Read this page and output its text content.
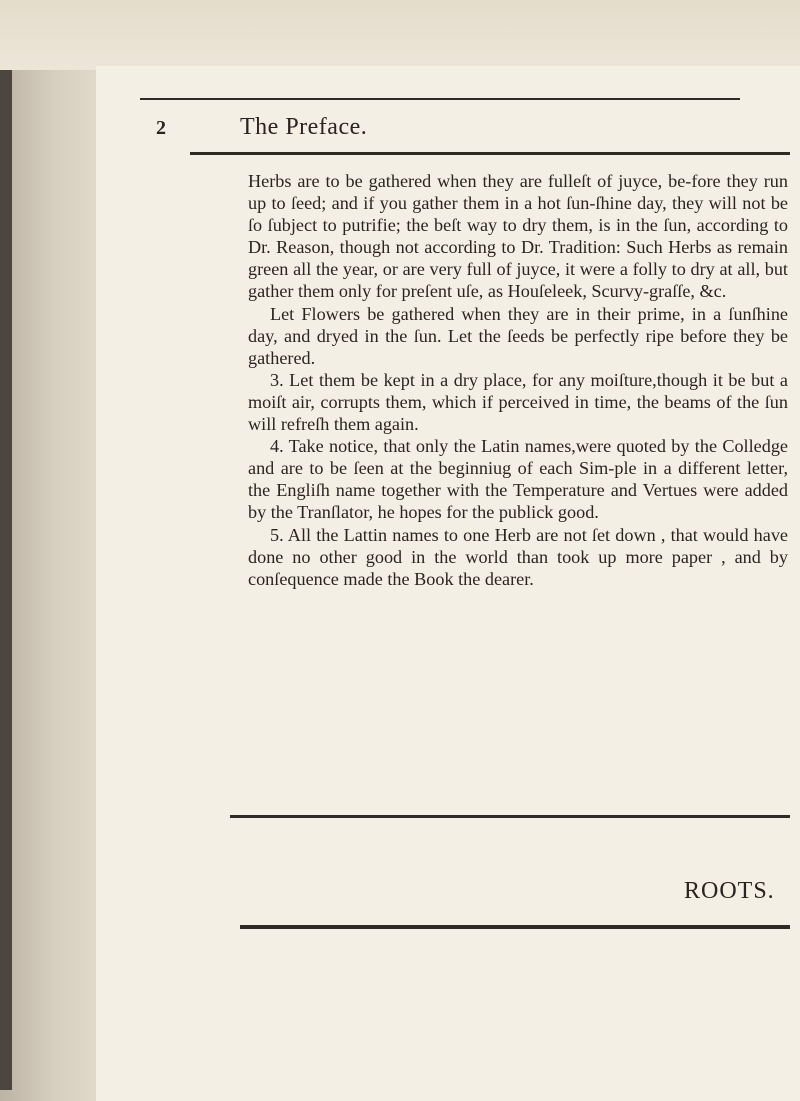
2	The Preface.

Herbs are to be gathered when they are fulleſt of juyce, be-fore they run up to ſeed; and if you gather them in a hot ſun-ſhine day, they will not be ſo ſubject to putrifie; the beſt way to dry them, is in the ſun, according to Dr. Reason, though not according to Dr. Tradition: Such Herbs as remain green all the year, or are very full of juyce, it were a folly to dry at all, but gather them only for preſent uſe, as Houſeleek, Scurvy-graſſe, &c.

Let Flowers be gathered when they are in their prime, in a ſunſhine day, and dryed in the ſun. Let the ſeeds be perfectly ripe before they be gathered.

3. Let them be kept in a dry place, for any moiſture,though it be but a moiſt air, corrupts them, which if perceived in time, the beams of the ſun will refreſh them again.

4. Take notice, that only the Latin names,were quoted by the Colledge and are to be ſeen at the beginniug of each Sim-ple in a different letter, the Engliſh name together with the Temperature and Vertues were added by the Tranſlator, he hopes for the publick good.

5. All the Lattin names to one Herb are not ſet down , that would have done no other good in the world than took up more paper , and by conſequence made the Book the dearer.

ROOTS.
